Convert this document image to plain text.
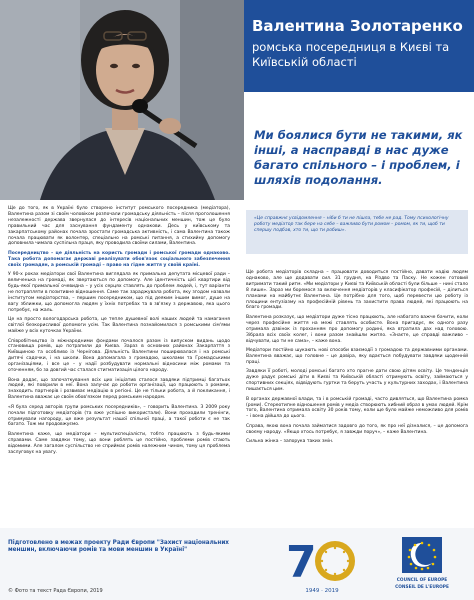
Валентина Золотаренко
ромська посередниця в Києві та Київській області
Ми боялися бути не такими, як інші, а насправді в нас дуже багато спільного – і проблем, і шляхів подолання.

Ще до того, як в Україні було створено інститут ромського посередника (медіатора), Валентина разом зі своїм чоловіком розпочали громадську діяльність – після проголошення незалежності держава звернулася до інтересів національних меншин, тож це було правильний час для заснування фундаменту однакови. Десь у київському та закарпатському районах почала зростати громадська активність, і сама Валентина також почала працювати як волонтер, спеціально на ромські питання, а стихийну допомогу доповнила чимала суспільна праця, яку проводила своїми силами, Валентина.

Посередництво – це діяльність на користь громади і ромської громади однаково. Така робота допомагає державі реалізувати обов'язок соціального забезпечення своїх громадян, а ромській громаді – право на гідне життя у своїй країні.

У 90-х роках медіатори свої Валентина виглядала як примальна депутата місцевої ради – величенька на громаді, як звертаються по допомогу. Але ідентичність цієї квартири від будь-якої примальної очевидна – у усіх серцях ставлять до проблем людей, і, тут варіанти не потрапляти в позитивне відношення. Саме так зараджувала робота, яку згодом назвали інститутом медіаторства, – першим посередником, що під деяким іншим вимог, душе на вагу зближки, що допомогла людям у їхніх потребах та в зв'язку з державою, яка цього потребує, на жаль.

Це на просто вологодарська робота, це тепле душевної волі наших людей та намагання світлої безкорисливої допомоги усім. Так Валентина познайомилася з ромськими сім'ями майже у всіх куточках України.

Співробітництво із міжнародними фондами почалося разом із випуском видань щодо становища ромів, що потрапили до Києва. Зараз в основних районах Закарпаття з Київщиною та особливо із Чернігова. Діяльність Валентини поширювалася і на ромські дитячі садочки, і на школи. Вона допомагала з громадою, школами та Громадськими організаціями, і все це – у надії розбудувати нормальні відносини між ромами та оточенням, бо за довгий час сталася стигматизація цілого народу.

Вона додає, що започаткування всіх цих ініціатив сталося завдяки підтримці багатьох людей, які повірили в неї. Вона залучає до роботи організації, що працюють з ромами, знаходить партнерів і розвиває медіацію в регіоні. Це не тільки робота, а й покликання, і Валентина вважає це своїм обов'язком перед ромським народом.

«Я була серед авторів групи ромських посередників», – говорить Валентина. З 2009 року почали підготовку медіаторів (та вже успішно використали). Вони проходили тренінги, отримували нагороду, це вже результат нашої спільної праці, а такої роботи є не так багато. Тож ми продовжуємо.

Валентина каже, що медіатори – мультиспеціалісти, тобто працюють з будь-якими справами. Саме завдяки тому, що вони роблять це постійно, проблеми ромів стають відомими. Але загалом суспільство не сприймає ромів належним чином, тому ця проблема заслуговує на увагу.

«Це справжнє усвідомлення – ніби б ти не пішла, тебе не рад. Тому психологічну роботу медіатор так бере на себе – важливо бути ромом – ромом, як ти, щоб ти спершу подбав, хто ти, що ти робиш».

Ще робота медіаторів складна – працювати доводиться постійно, давати надію людям однаково, але ще додавати сил. 31 грудня, на Різдво та Паску. Не кожен готовий витримати такий ритм. «Ми медіатори у Києві та Київській області були більше – нині стало 8 лише». Зараз ми боремося за включення медіаторів у класифікатор професій, – ділиться планами на майбутнє Валентина. Це потрібно для того, щоб перевести цю роботу із площини ентузіазму на професійній рівень та захистити права людей, які працюють на благо громади.

Валентина розказує, що медіатори дуже тісно працюють, але набагато важче бачити, коли через професійне життя на межі ставлять особисте. Вона пригадує, як одного разу отримала дзвінок із проханням про допомогу родині, яка втратила дах над головою. Зібрала всіх своїх колег, і вони разом знайшли житло. «Знаєте, це справді важливо – відчувати, що ти не сама», – каже вона.

Медіатори постійно шукають нові способи взаємодії з громадою та державними органами. Валентина вважає, що головне – це довіра, яку вдається побудувати завдяки щоденній праці.

Завдяки її роботі, молоді ромські багато хто прагне дати свою дітям освіту. Це тенденція дуже радує ромські діти в Києві та Київській області отримують освіту, займаються у спортивних секціях, відвідують гуртки та беруть участь у культурних заходах, і Валентина пишається цим.

В органах державної влади, та і в ромській громаді, часто дивляться, що Валентина ромка (роми). Стереотипне відношення ромів у медіа створюють хибний образ в умах людей. Крім того, Валентина отримала освіту 30 років тому, коли ще було майже неможливо для ромів – і вона дійшла до цього.

Справа, якою вона почала займатися задовго до того, як про неї дізналися, – це допомога своєму народу. «Якщо хтось потребує, я завжди поруч», – каже Валентина.

Сильна жінка – запорука таких змін.

Підготовлено в межах проекту Ради Європи "Захист національних меншин, включаючи ромів та мови меншин в Україні"
© Фото та текст Рада Європи, 2019
7
1949 · 2019
COUNCIL OF EUROPE
CONSEIL DE L'EUROPE
